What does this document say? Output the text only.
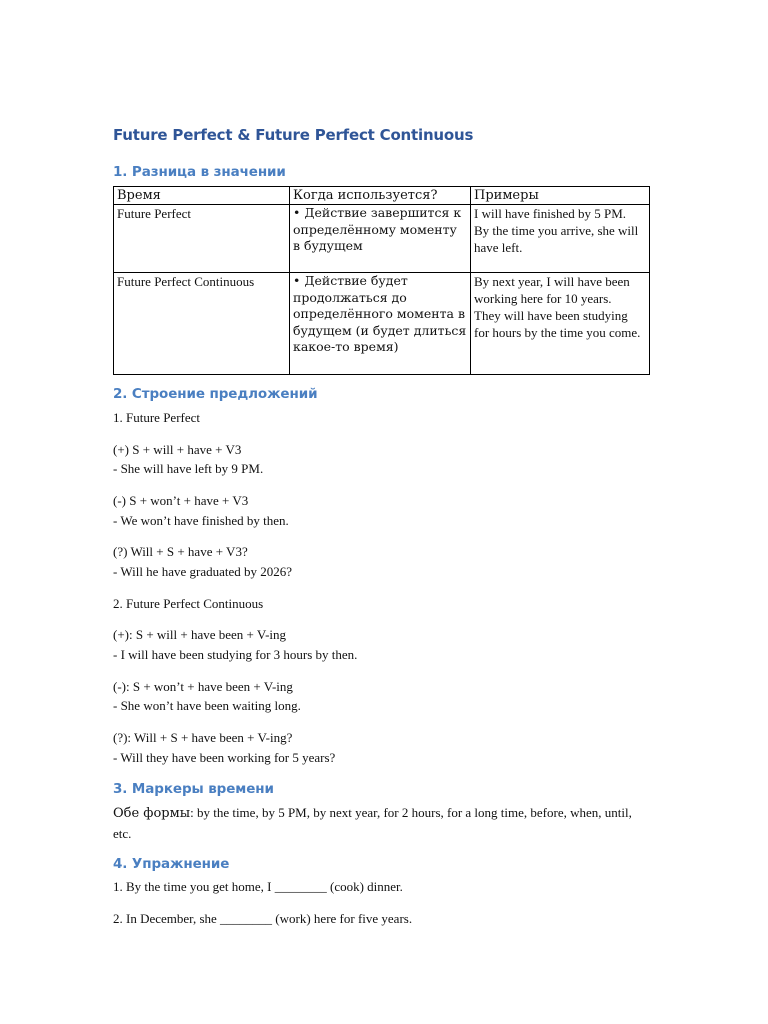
Future Perfect & Future Perfect Continuous
1. Разница в значении
Время	Когда используется?	Примеры
Future Perfect	• Действие завершится к определённому моменту в будущем	I will have finished by 5 PM.
By the time you arrive, she will have left.

Future Perfect Continuous	• Действие будет продолжаться до определённого момента в будущем (и будет длиться какое-то время)	By next year, I will have been working here for 10 years.
They will have been studying for hours by the time you come.
2. Строение предложений
1. Future Perfect
(+) S + will + have + V3
- She will have left by 9 PM.
(-) S + won’t + have + V3
- We won’t have finished by then.
(?) Will + S + have + V3?
- Will he have graduated by 2026?
2. Future Perfect Continuous
(+): S + will + have been + V-ing
- I will have been studying for 3 hours by then.
(-): S + won’t + have been + V-ing
- She won’t have been waiting long.
(?): Will + S + have been + V-ing?
- Will they have been working for 5 years?
3. Маркеры времени
Обе формы: by the time, by 5 PM, by next year, for 2 hours, for a long time, before, when, until, etc.
4. Упражнение
1. By the time you get home, I ________ (cook) dinner.
2. In December, she ________ (work) here for five years.
